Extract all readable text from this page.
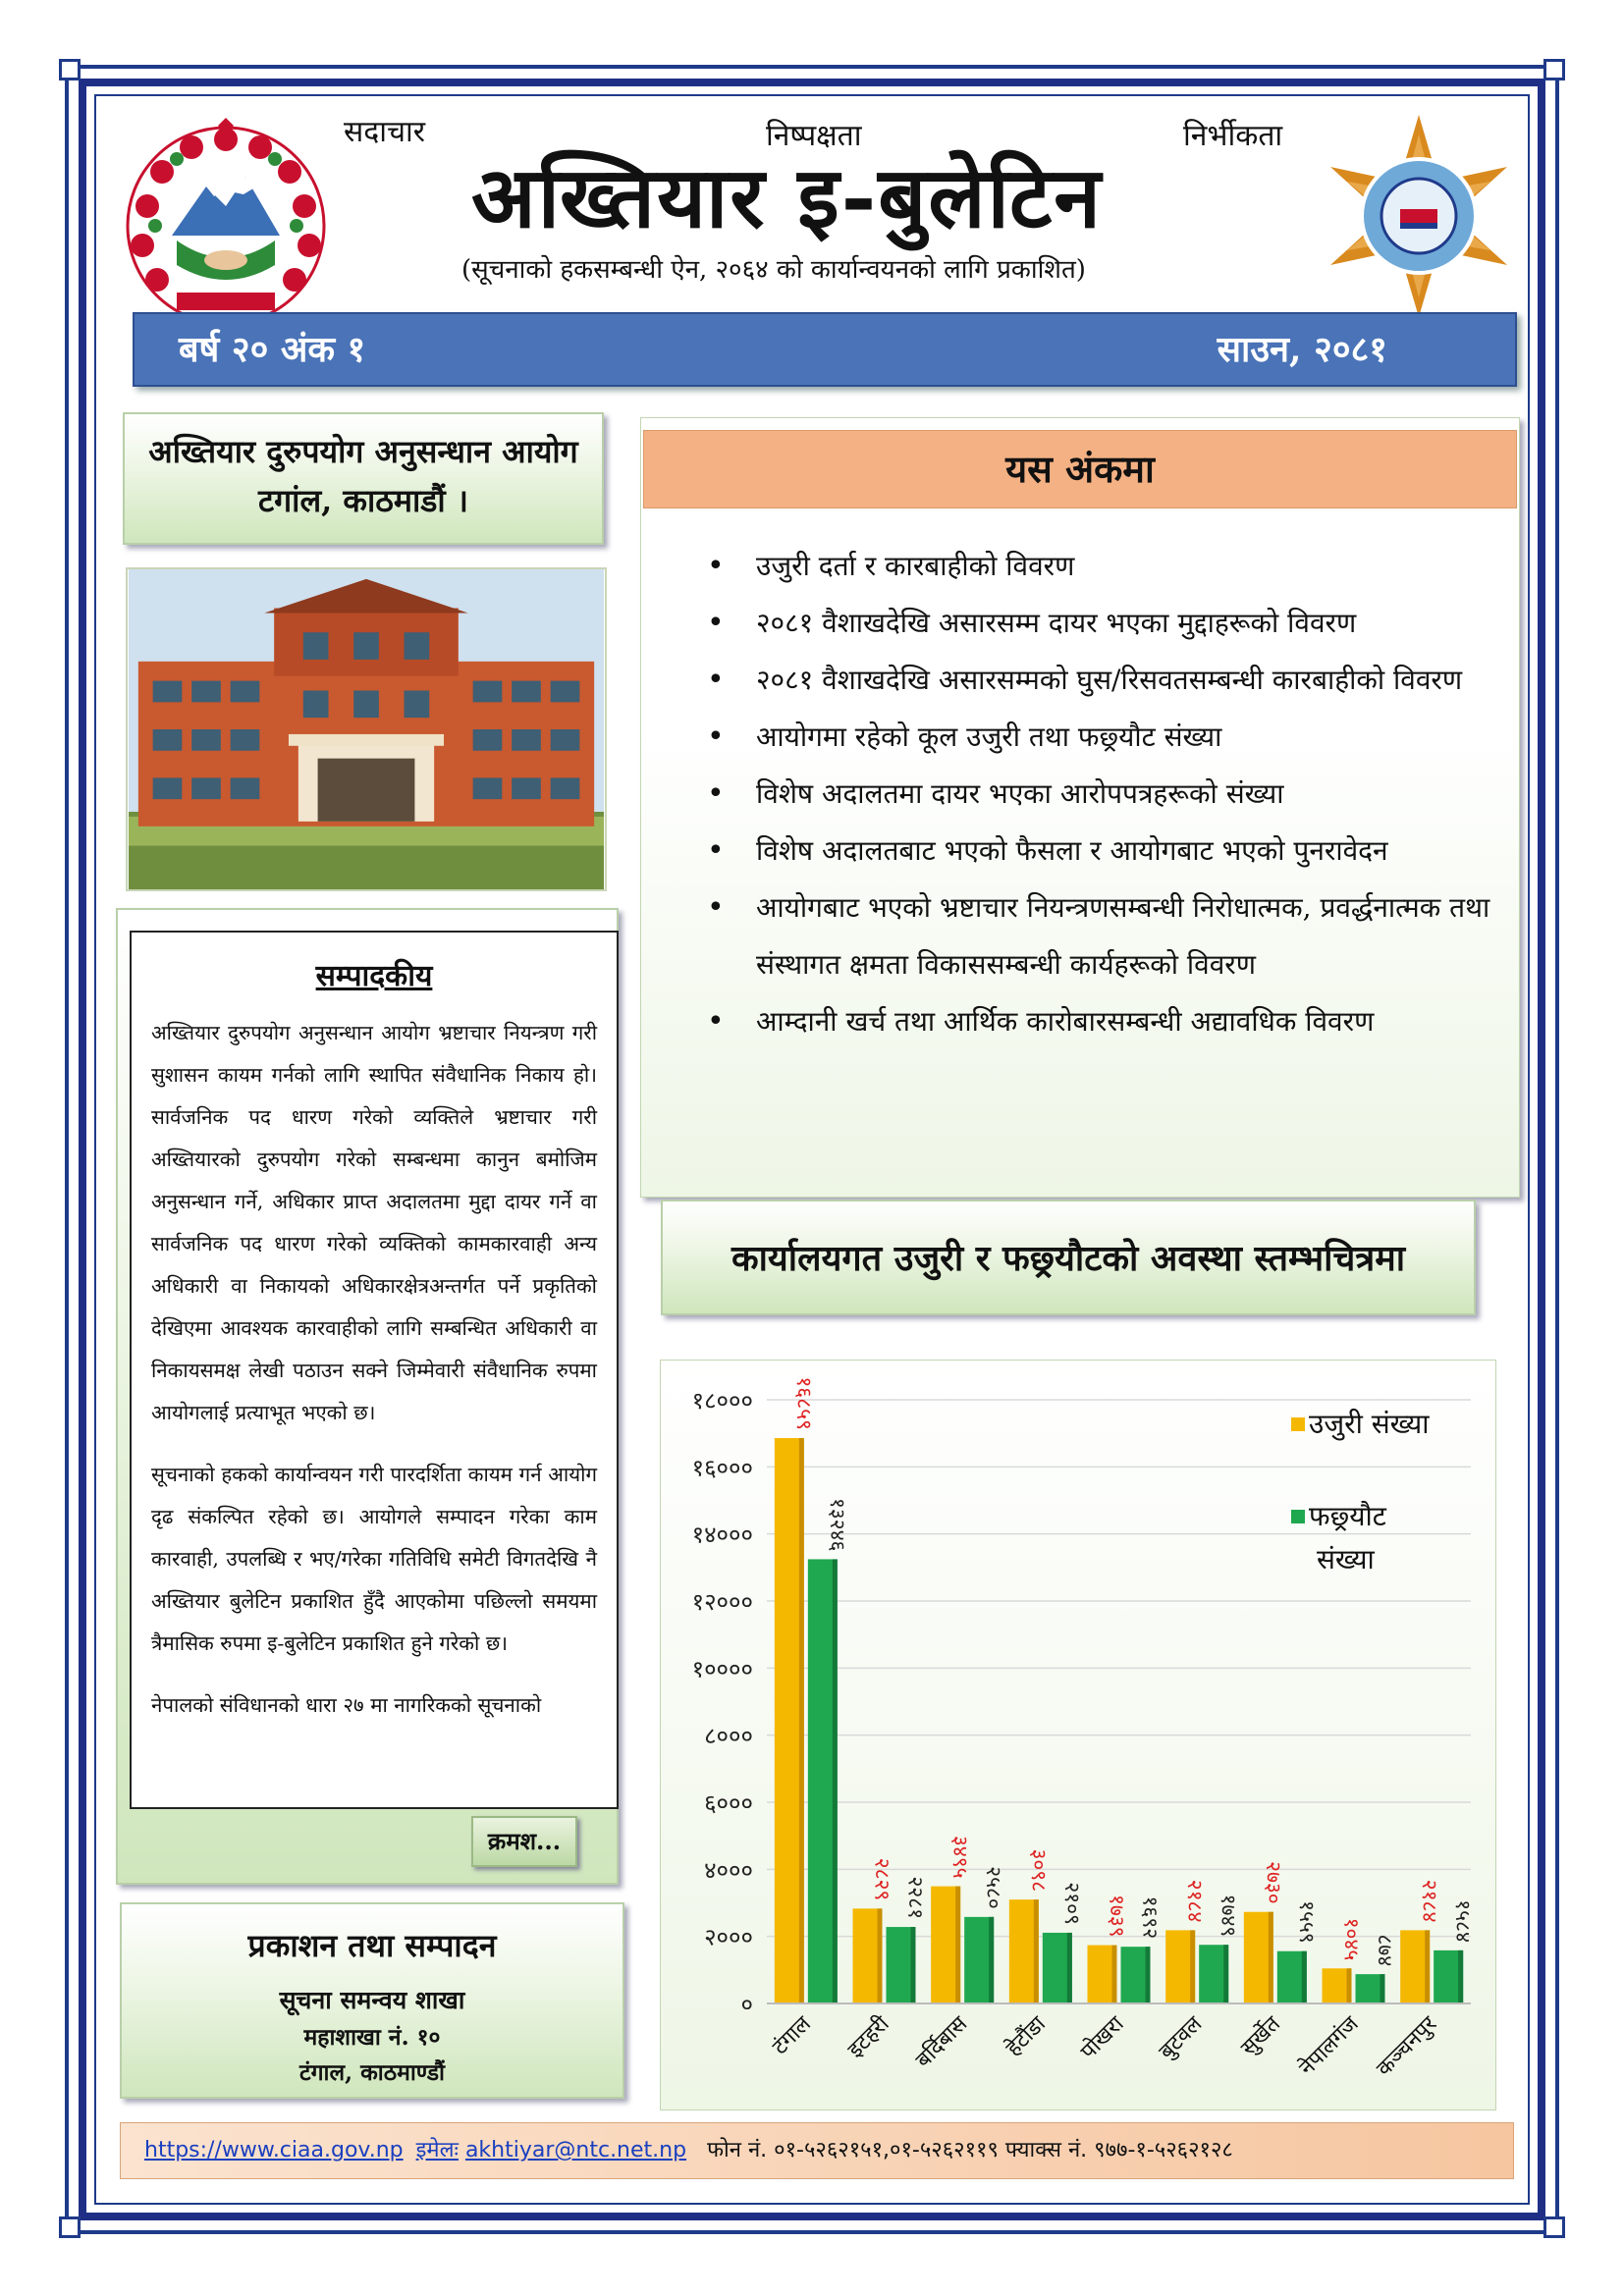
सदाचार	निष्पक्षता	निर्भीकता
अख्तियार इ-बुलेटिन
(सूचनाको हकसम्बन्धी ऐन, २०६४ को कार्यान्वयनको लागि प्रकाशित)
बर्ष २० अंक १	साउन, २०८१
अख्तियार दुरुपयोग अनुसन्धान आयोग
टगांल, काठमाडौं ।
सम्पादकीय

अख्तियार दुरुपयोग अनुसन्धान आयोग भ्रष्टाचार नियन्त्रण गरी सुशासन कायम गर्नको लागि स्थापित संवैधानिक निकाय हो। सार्वजनिक पद धारण गरेको व्यक्तिले भ्रष्टाचार गरी अख्तियारको दुरुपयोग गरेको सम्बन्धमा कानुन बमोजिम अनुसन्धान गर्ने, अधिकार प्राप्त अदालतमा मुद्दा दायर गर्ने वा सार्वजनिक पद धारण गरेको व्यक्तिको कामकारवाही अन्य अधिकारी वा निकायको अधिकारक्षेत्रअन्तर्गत पर्ने प्रकृतिको देखिएमा आवश्यक कारवाहीको लागि सम्बन्धित अधिकारी वा निकायसमक्ष लेखी पठाउन सक्ने जिम्मेवारी संवैधानिक रुपमा आयोगलाई प्रत्याभूत भएको छ।

सूचनाको हकको कार्यान्वयन गरी पारदर्शिता कायम गर्न आयोग दृढ संकल्पित रहेको छ। आयोगले सम्पादन गरेका काम कारवाही, उपलब्धि र भए/गरेका गतिविधि समेटी विगतदेखि नै अख्तियार बुलेटिन प्रकाशित हुँदै आएकोमा पछिल्लो समयमा त्रैमासिक रुपमा इ-बुलेटिन प्रकाशित हुने गरेको छ।

नेपालको संविधानको धारा २७ मा नागरिकको सूचनाको

क्रमश...
प्रकाशन तथा सम्पादन
सूचना समन्वय शाखा
महाशाखा नं. १०
टंगाल, काठमाण्डौं
यस अंकमा
• उजुरी दर्ता र कारबाहीको विवरण
• २०८१ वैशाखदेखि असारसम्म दायर भएका मुद्दाहरूको विवरण
• २०८१ वैशाखदेखि असारसम्मको घुस/रिसवतसम्बन्धी कारबाहीको विवरण
• आयोगमा रहेको कूल उजुरी तथा फछ्र्यौट संख्या
• विशेष अदालतमा दायर भएका आरोपपत्रहरूको संख्या
• विशेष अदालतबाट भएको फैसला र आयोगबाट भएको पुनरावेदन
• आयोगबाट भएको भ्रष्टाचार नियन्त्रणसम्बन्धी निरोधात्मक, प्रवर्द्धनात्मक तथा संस्थागत क्षमता विकाससम्बन्धी कार्यहरूको विवरण
• आम्दानी खर्च तथा आर्थिक कारोबारसम्बन्धी अद्यावधिक विवरण
कार्यालयगत उजुरी र फछ्र्यौटको अवस्था स्तम्भचित्रमा
०
२०००
४०००
६०००
८०००
१००००
१२०००
१४०००
१६०००
१८००० १६८५९
१३२४६
टंगाल
२८२९ २२८१
इटहरी
३४९५
२५८०
बर्दिबास
३०९८
२१०९
हेटौंडा
१७३९ १६९२
पोखरा
२१८४ १७४९
बुटवल
२७३०
१५५९
सुर्खेत
१०४५ ८७४
नेपालगंज
२१८४ १५८४
कञ्चनपुर
उजुरी संख्या
फछ्र्यौट
संख्या
https://www.ciaa.gov.np इमेलः akhtiyar@ntc.net.np फोन नं. ०१-५२६२१५१,०१-५२६२११९ फ्याक्स नं. ९७७-१-५२६२१२८
